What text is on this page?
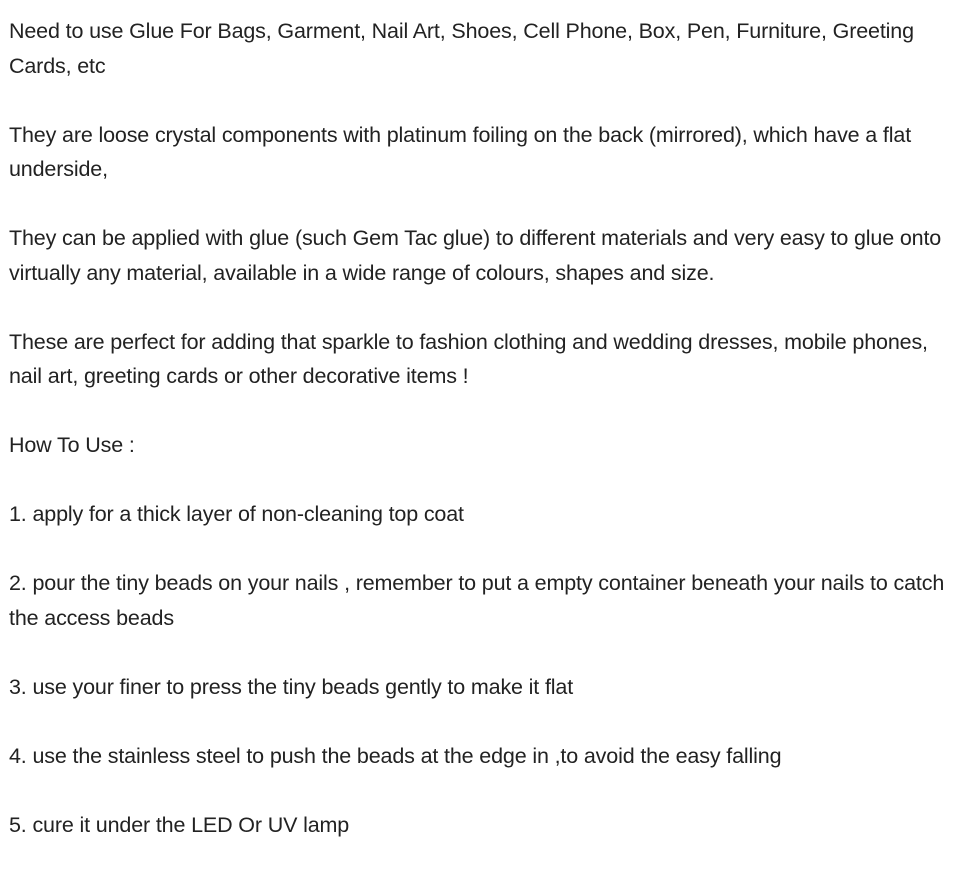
Need to use Glue For Bags, Garment, Nail Art, Shoes, Cell Phone, Box, Pen, Furniture, Greeting Cards, etc

They are loose crystal components with platinum foiling on the back (mirrored), which have a flat underside,

They can be applied with glue (such Gem Tac glue) to different materials and very easy to glue onto virtually any material, available in a wide range of colours, shapes and size.

These are perfect for adding that sparkle to fashion clothing and wedding dresses, mobile phones, nail art, greeting cards or other decorative items !

How To Use :

1. apply for a thick layer of non-cleaning top coat

2. pour the tiny beads on your nails , remember to put a empty container beneath your nails to catch the access beads

3. use your finer to press the tiny beads gently to make it flat

4. use the stainless steel to push the beads at the edge in ,to avoid the easy falling

5. cure it under the LED Or UV lamp
